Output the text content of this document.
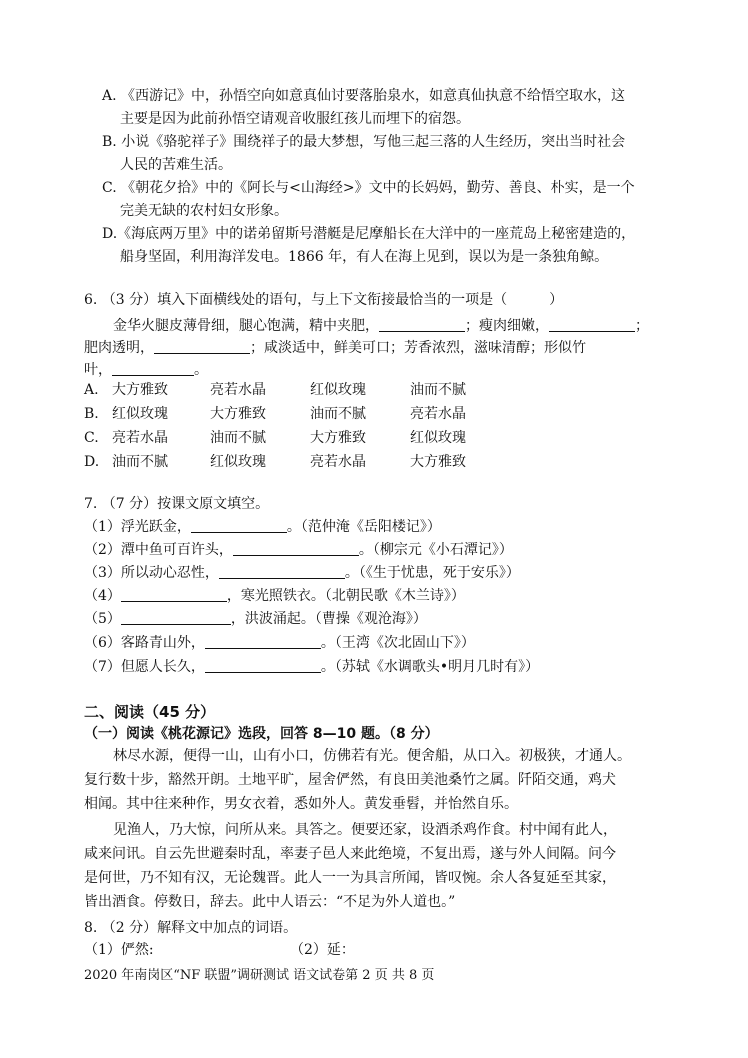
A. 《西游记》中，孙悟空向如意真仙讨要落胎泉水，如意真仙执意不给悟空取水，这
主要是因为此前孙悟空请观音收服红孩儿而埋下的宿怨。
B. 小说《骆驼祥子》围绕祥子的最大梦想，写他三起三落的人生经历，突出当时社会
人民的苦难生活。
C. 《朝花夕拾》中的《阿长与<山海经>》文中的长妈妈，勤劳、善良、朴实，是一个
完美无缺的农村妇女形象。
D.《海底两万里》中的诺弟留斯号潜艇是尼摩船长在大洋中的一座荒岛上秘密建造的，
船身坚固，利用海洋发电。1866 年，有人在海上见到，误以为是一条独角鲸。
6. （3 分）填入下面横线处的语句，与上下文衔接最恰当的一项是（	）
金华火腿皮薄骨细，腿心饱满，精中夹肥，	；瘦肉细嫩，	；
肥肉透明，	；咸淡适中，鲜美可口；芳香浓烈，滋味清醇；形似竹
叶，	。
A. 大方雅致	亮若水晶	红似玫瑰	油而不腻
B. 红似玫瑰	大方雅致	油而不腻	亮若水晶
C. 亮若水晶	油而不腻	大方雅致	红似玫瑰
D. 油而不腻	红似玫瑰	亮若水晶	大方雅致
7. （7 分）按课文原文填空。
（1）浮光跃金，	。（范仲淹《岳阳楼记》）
（2）潭中鱼可百许头，	。（柳宗元《小石潭记》）
（3）所以动心忍性，	。（《生于忧患，死于安乐》）
（4）	，寒光照铁衣。（北朝民歌《木兰诗》）
（5）	，洪波涌起。（曹操《观沧海》）
（6）客路青山外，	。（王湾《次北固山下》）
（7）但愿人长久，	。（苏轼《水调歌头•明月几时有》）
二、阅读（45 分）
（一）阅读《桃花源记》选段，回答 8—10 题。（8 分）
林尽水源，便得一山，山有小口，仿佛若有光。便舍船，从口入。初极狭，才通人。
复行数十步，豁然开朗。土地平旷，屋舍俨然，有良田美池桑竹之属。阡陌交通，鸡犬
相闻。其中往来种作，男女衣着，悉如外人。黄发垂髫，并怡然自乐。
见渔人，乃大惊，问所从来。具答之。便要还家，设酒杀鸡作食。村中闻有此人，
咸来问讯。自云先世避秦时乱，率妻子邑人来此绝境，不复出焉，遂与外人间隔。问今
是何世，乃不知有汉，无论魏晋。此人一一为具言所闻，皆叹惋。余人各复延至其家，
皆出酒食。停数日，辞去。此中人语云：“不足为外人道也。”
8. （2 分）解释文中加点的词语。
（1）俨然:	（2）延：
2020 年南岗区“NF 联盟”调研测试 语文试卷第 2 页 共 8 页
